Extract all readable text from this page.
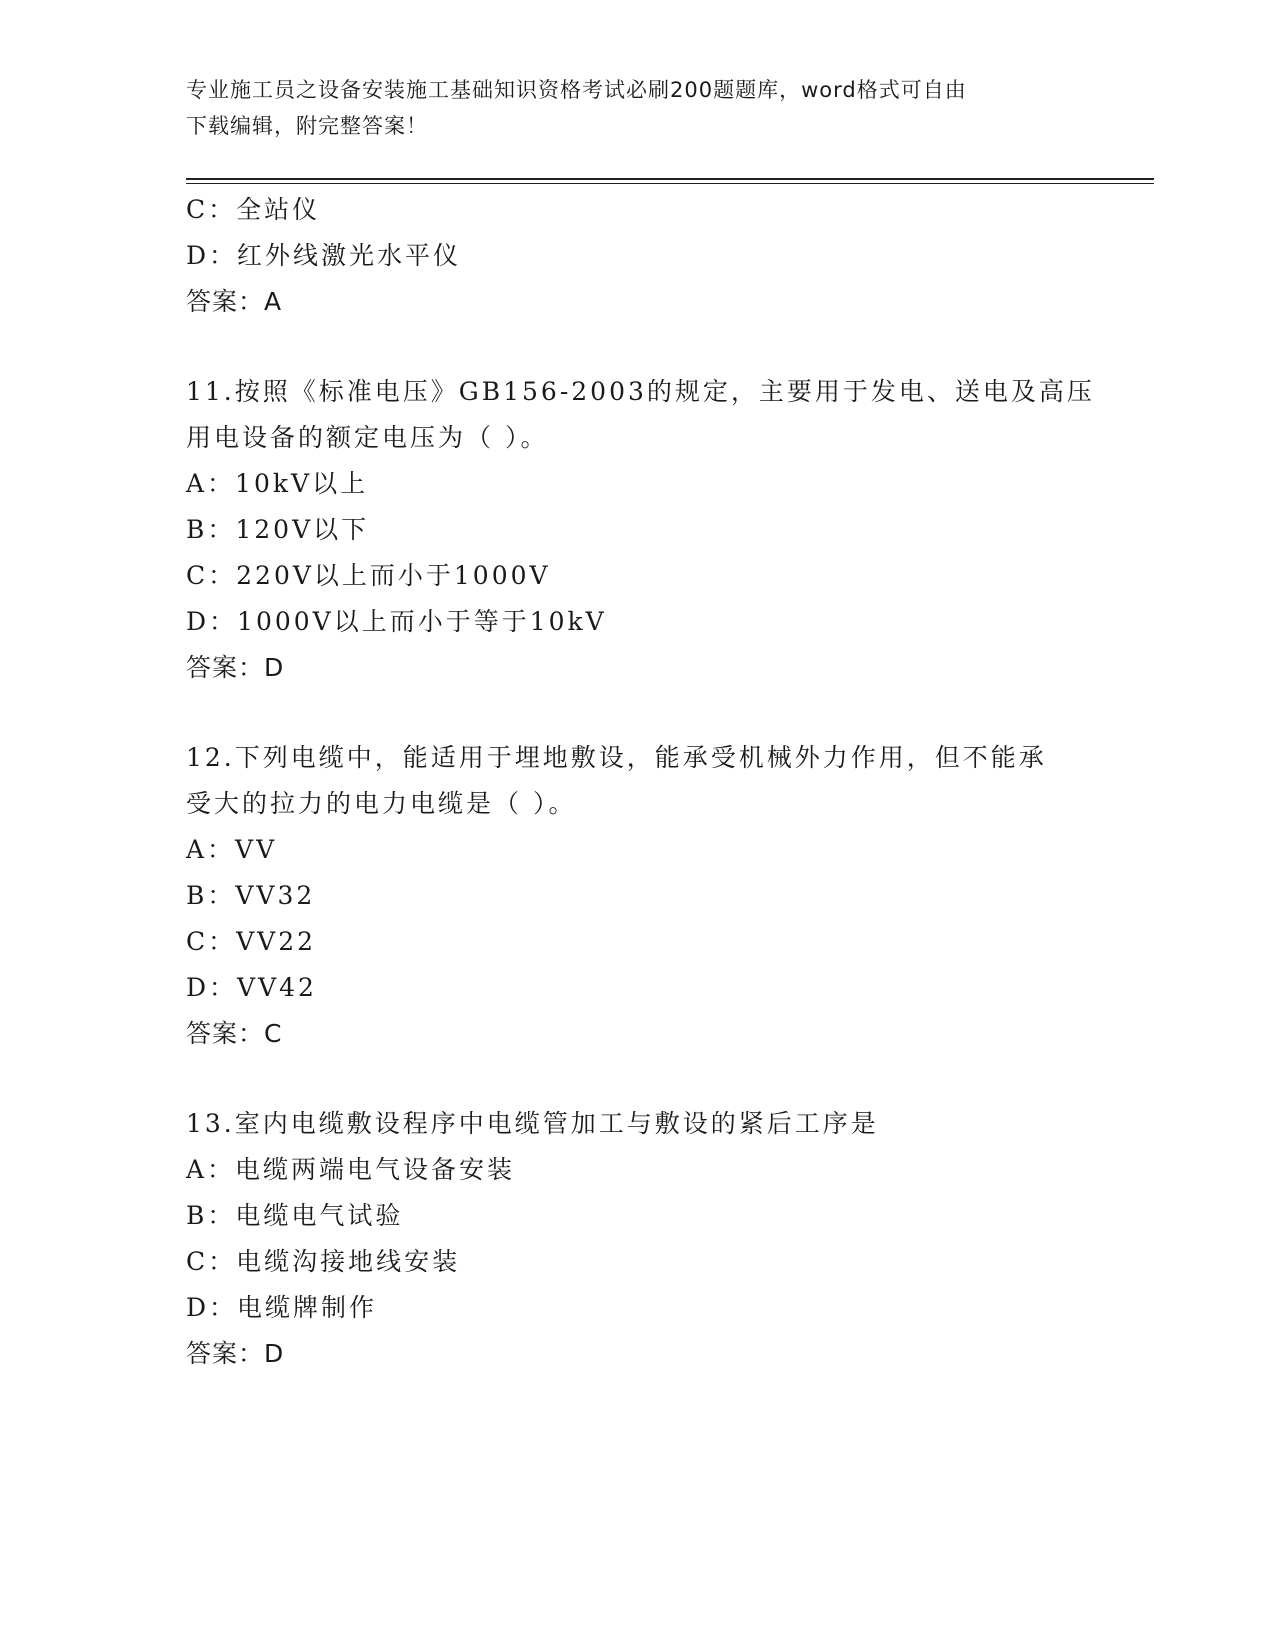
专业施工员之设备安装施工基础知识资格考试必刷200题题库，word格式可自由
下载编辑，附完整答案！
C：全站仪
D：红外线激光水平仪
答案：A
11.按照《标准电压》GB156-2003的规定，主要用于发电、送电及高压
用电设备的额定电压为（ ）。
A：10kV以上
B：120V以下
C：220V以上而小于1000V
D：1000V以上而小于等于10kV
答案：D
12.下列电缆中，能适用于埋地敷设，能承受机械外力作用，但不能承
受大的拉力的电力电缆是（ ）。
A：VV
B：VV32
C：VV22
D：VV42
答案：C
13.室内电缆敷设程序中电缆管加工与敷设的紧后工序是
A：电缆两端电气设备安装
B：电缆电气试验
C：电缆沟接地线安装
D：电缆牌制作
答案：D
